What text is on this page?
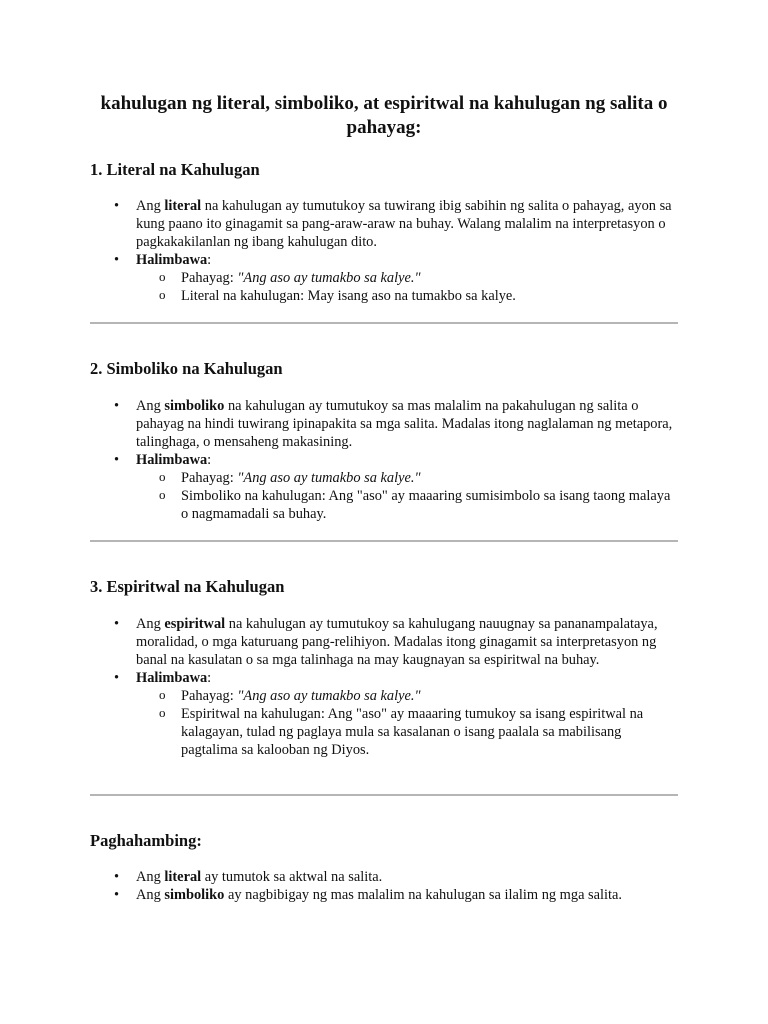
kahulugan ng literal, simboliko, at espiritwal na kahulugan ng salita o pahayag:
1. Literal na Kahulugan
• Ang literal na kahulugan ay tumutukoy sa tuwirang ibig sabihin ng salita o pahayag, ayon sa kung paano ito ginagamit sa pang-araw-araw na buhay. Walang malalim na interpretasyon o pagkakakilanlan ng ibang kahulugan dito.
• Halimbawa:
o Pahayag: "Ang aso ay tumakbo sa kalye."
o Literal na kahulugan: May isang aso na tumakbo sa kalye.
2. Simboliko na Kahulugan
• Ang simboliko na kahulugan ay tumutukoy sa mas malalim na pakahulugan ng salita o pahayag na hindi tuwirang ipinapakita sa mga salita. Madalas itong naglalaman ng metapora, talinghaga, o mensaheng makasining.
• Halimbawa:
o Pahayag: "Ang aso ay tumakbo sa kalye."
o Simboliko na kahulugan: Ang "aso" ay maaaring sumisimbolo sa isang taong malaya o nagmamadali sa buhay.
3. Espiritwal na Kahulugan
• Ang espiritwal na kahulugan ay tumutukoy sa kahulugang nauugnay sa pananampalataya, moralidad, o mga katuruang pang-relihiyon. Madalas itong ginagamit sa interpretasyon ng banal na kasulatan o sa mga talinhaga na may kaugnayan sa espiritwal na buhay.
• Halimbawa:
o Pahayag: "Ang aso ay tumakbo sa kalye."
o Espiritwal na kahulugan: Ang "aso" ay maaaring tumukoy sa isang espiritwal na kalagayan, tulad ng paglaya mula sa kasalanan o isang paalala sa mabilisang pagtalima sa kalooban ng Diyos.
Paghahambing:
• Ang literal ay tumutok sa aktwal na salita.
• Ang simboliko ay nagbibigay ng mas malalim na kahulugan sa ilalim ng mga salita.
